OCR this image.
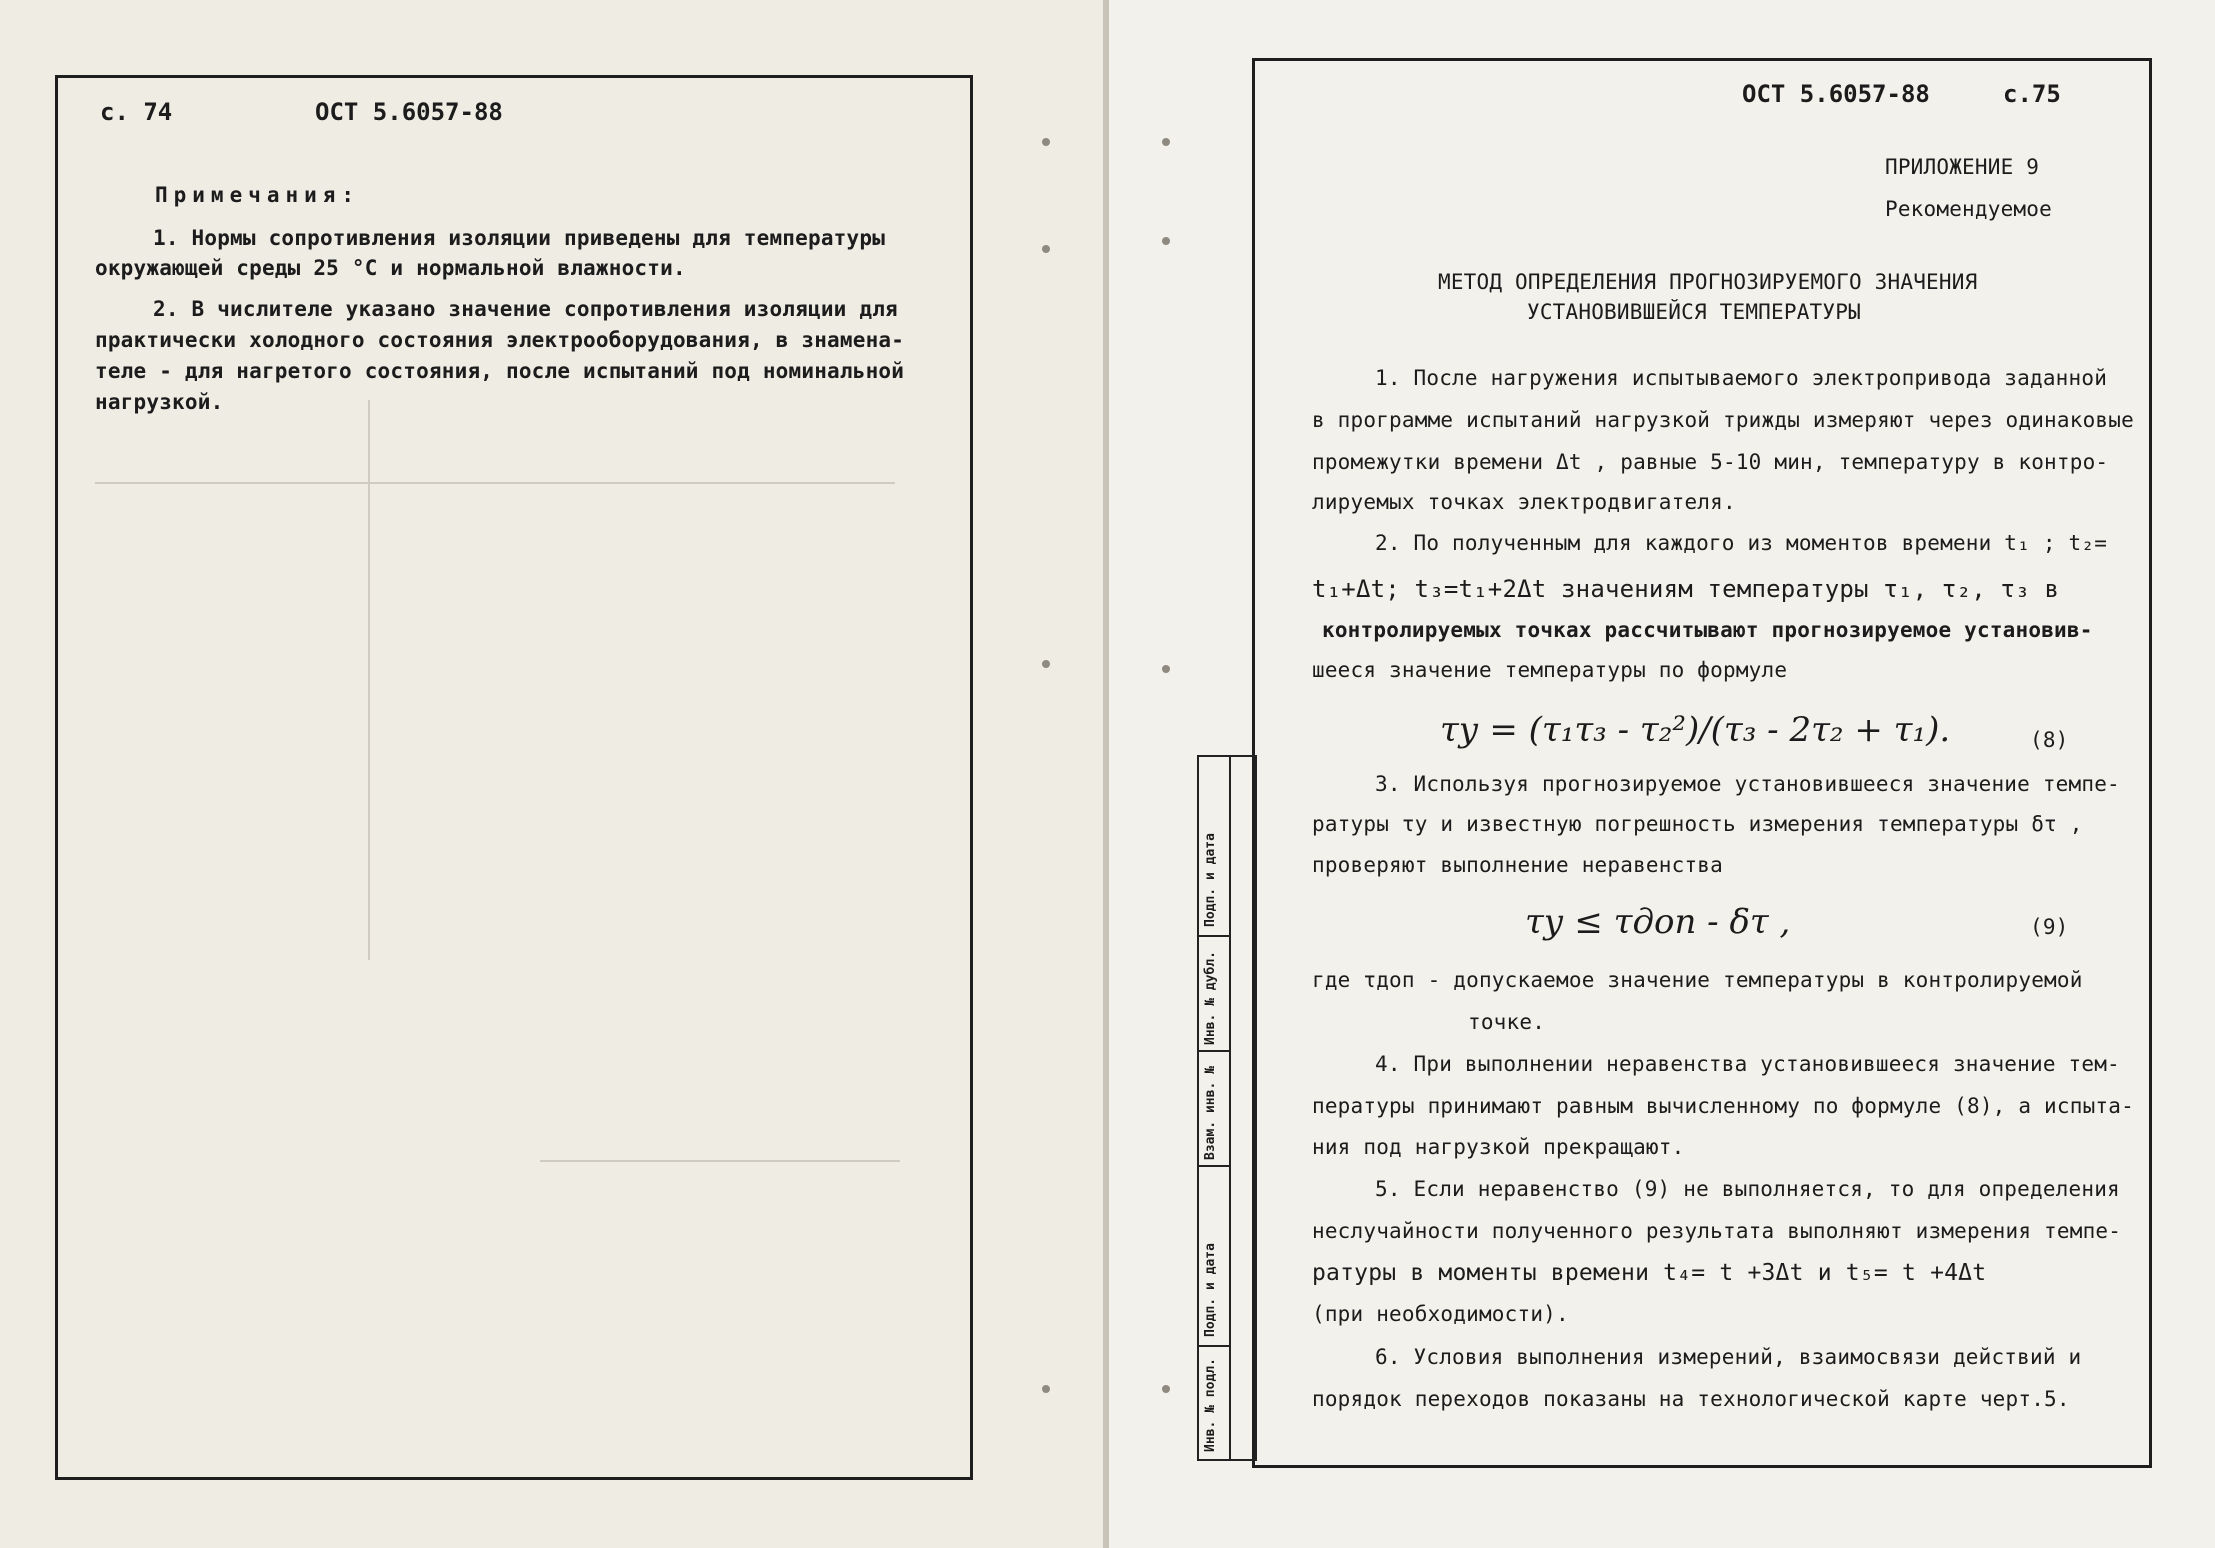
с. 74	ОСТ 5.6057-88
Примечания:
1. Нормы сопротивления изоляции приведены для температуры
окружающей среды 25 °С и нормальной влажности.
2. В числителе указано значение сопротивления изоляции для
практически холодного состояния электрооборудования, в знамена-
теле - для нагретого состояния, после испытаний под номинальной
нагрузкой.
ОСТ 5.6057-88	с.75
ПРИЛОЖЕНИЕ 9
Рекомендуемое
МЕТОД ОПРЕДЕЛЕНИЯ ПРОГНОЗИРУЕМОГО ЗНАЧЕНИЯ
УСТАНОВИВШЕЙСЯ ТЕМПЕРАТУРЫ
1. После нагружения испытываемого электропривода заданной
в программе испытаний нагрузкой трижды измеряют через одинаковые
промежутки времени Δt , равные 5-10 мин, температуру в контро-
лируемых точках электродвигателя.
2. По полученным для каждого из моментов времени t₁ ; t₂=
t₁+Δt; t₃=t₁+2Δt значениям температуры τ₁, τ₂, τ₃ в
контролируемых точках рассчитывают прогнозируемое установив-
шееся значение температуры по формуле
τу = (τ₁τ₃ - τ₂²)/(τ₃ - 2τ₂ + τ₁).	(8)
3. Используя прогнозируемое установившееся значение темпе-
ратуры τу и известную погрешность измерения температуры δτ ,
проверяют выполнение неравенства
τу ≤ τдоп - δτ ,	(9)
где τдоп - допускаемое значение температуры в контролируемой
точке.
4. При выполнении неравенства установившееся значение тем-
пературы принимают равным вычисленному по формуле (8), а испыта-
ния под нагрузкой прекращают.
5. Если неравенство (9) не выполняется, то для определения
неслучайности полученного результата выполняют измерения темпе-
ратуры в моменты времени t₄= t +3Δt и t₅= t +4Δt
(при необходимости).
6. Условия выполнения измерений, взаимосвязи действий и
порядок переходов показаны на технологической карте черт.5.
Подп. и дата
Инв. № дубл.
Взам. инв. №
Подп. и дата
Инв. № подл.
